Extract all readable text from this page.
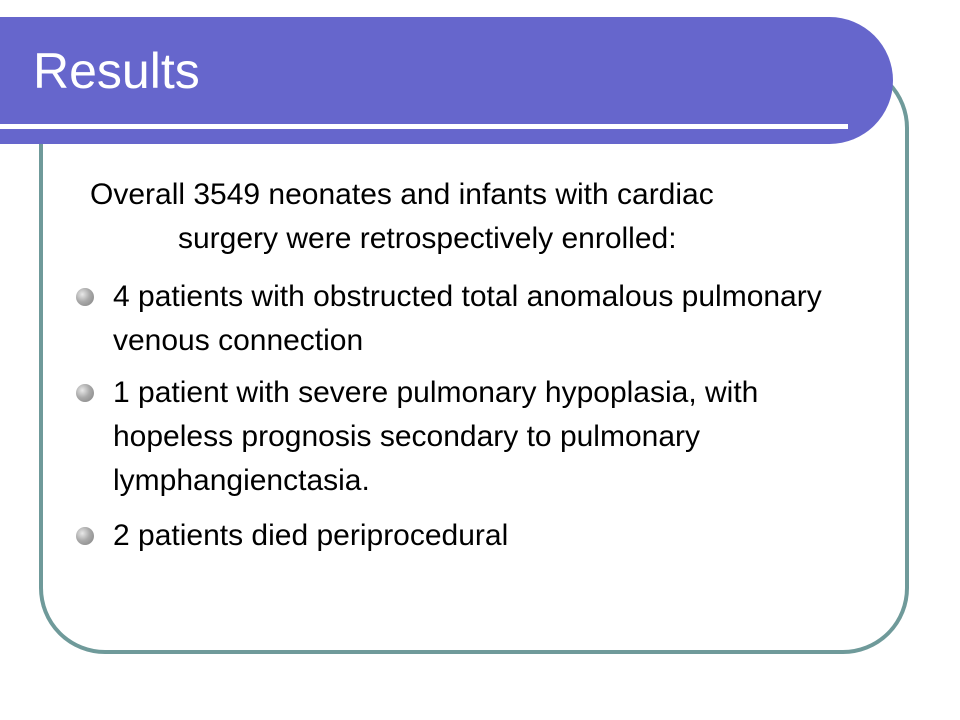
Results

Overall 3549 neonates and infants with cardiac
surgery were retrospectively enrolled:

4 patients with obstructed total anomalous pulmonary venous connection
1 patient with severe pulmonary hypoplasia, with hopeless prognosis secondary to pulmonary lymphangienctasia.
2 patients died periprocedural
